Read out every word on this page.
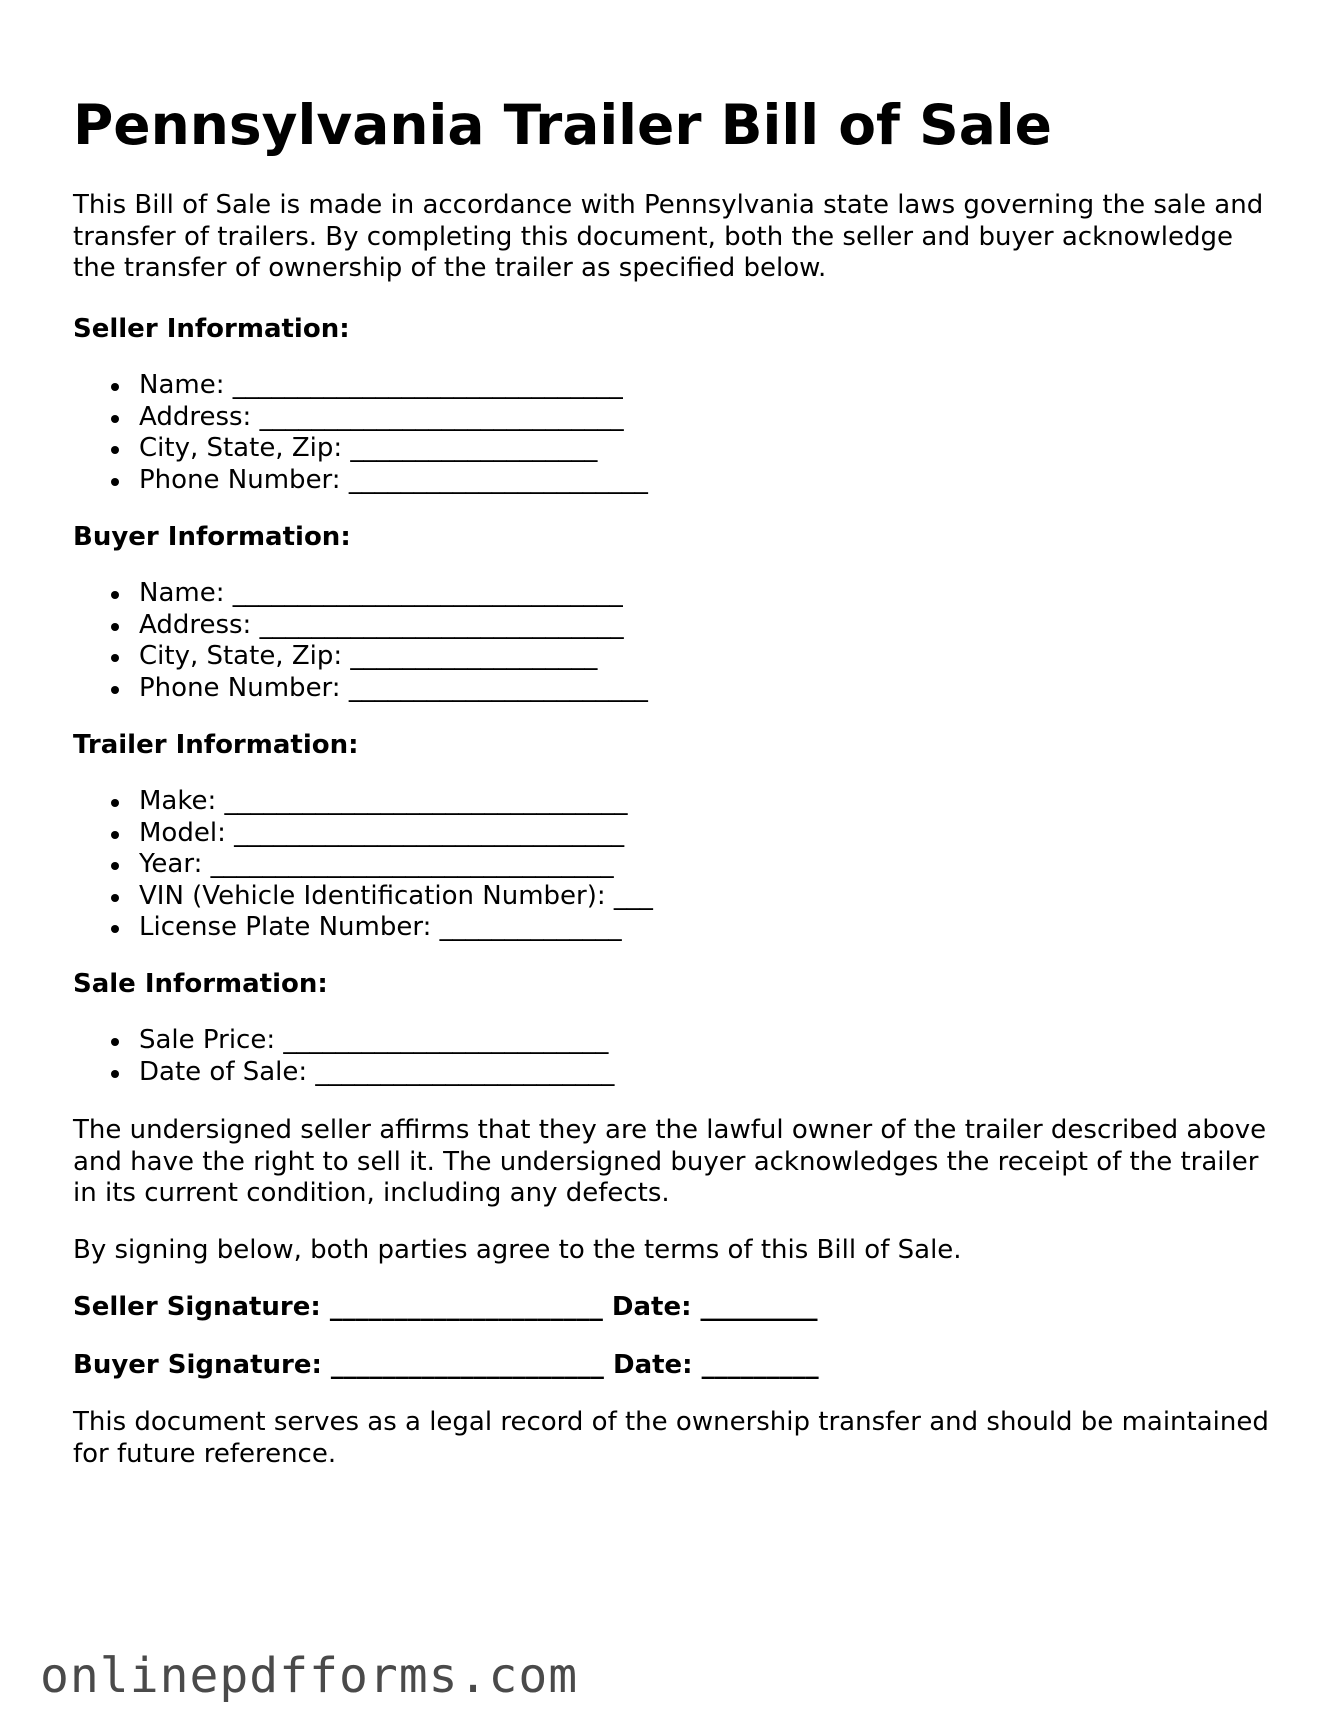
Pennsylvania Trailer Bill of Sale

This Bill of Sale is made in accordance with Pennsylvania state laws governing the sale and transfer of trailers. By completing this document, both the seller and buyer acknowledge the transfer of ownership of the trailer as specified below.

Seller Information:
Name: ______________________________
Address: ____________________________
City, State, Zip: ___________________
Phone Number: _______________________
Buyer Information:
Name: ______________________________
Address: ____________________________
City, State, Zip: ___________________
Phone Number: _______________________
Trailer Information:
Make: _______________________________
Model: ______________________________
Year: _______________________________
VIN (Vehicle Identification Number): ___
License Plate Number: ______________
Sale Information:
Sale Price: _________________________
Date of Sale: _______________________

The undersigned seller affirms that they are the lawful owner of the trailer described above and have the right to sell it. The undersigned buyer acknowledges the receipt of the trailer in its current condition, including any defects.

By signing below, both parties agree to the terms of this Bill of Sale.

Seller Signature: _____________________ Date: _________
Buyer Signature: _____________________ Date: _________

This document serves as a legal record of the ownership transfer and should be maintained for future reference.

onlinepdfforms.com
